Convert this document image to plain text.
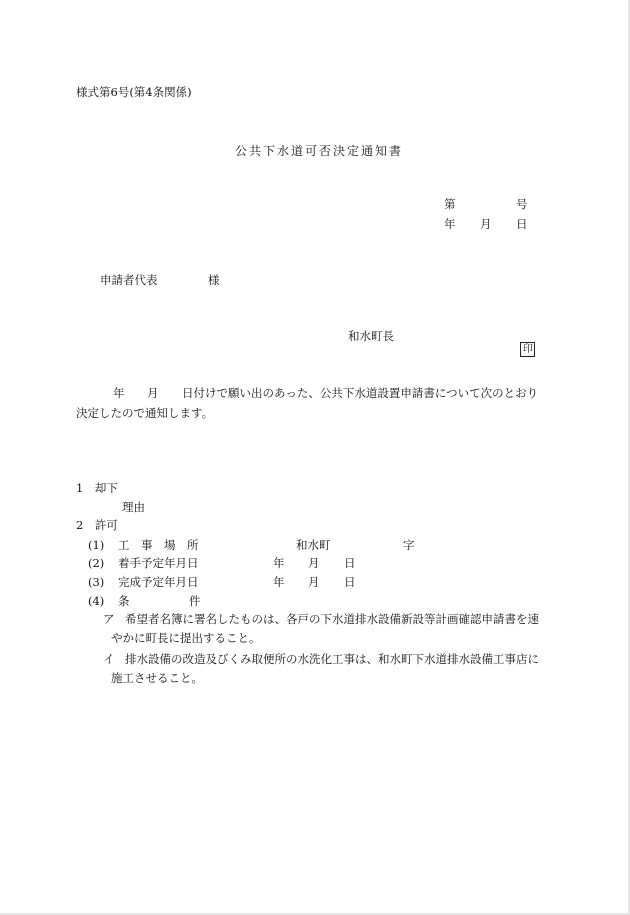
様式第6号(第4条関係)
公共下水道可否決定通知書
第	号
年 月 日
申請者代表	様
和水町長

印

年 月 日付けで願い出のあった、公共下水道設置申請書について次のとおり
決定したので通知します。
1　却下
理由
2　許可
(1) 工　事　場　所	和水町	字
(2) 着手予定年月日	年 月 日
(3) 完成予定年月日	年 月 日
(4) 条	件
ア 希望者名簿に署名したものは、各戸の下水道排水設備新設等計画確認申請書を速
やかに町長に提出すること。
イ 排水設備の改造及びくみ取便所の水洗化工事は、和水町下水道排水設備工事店に
施工させること。
